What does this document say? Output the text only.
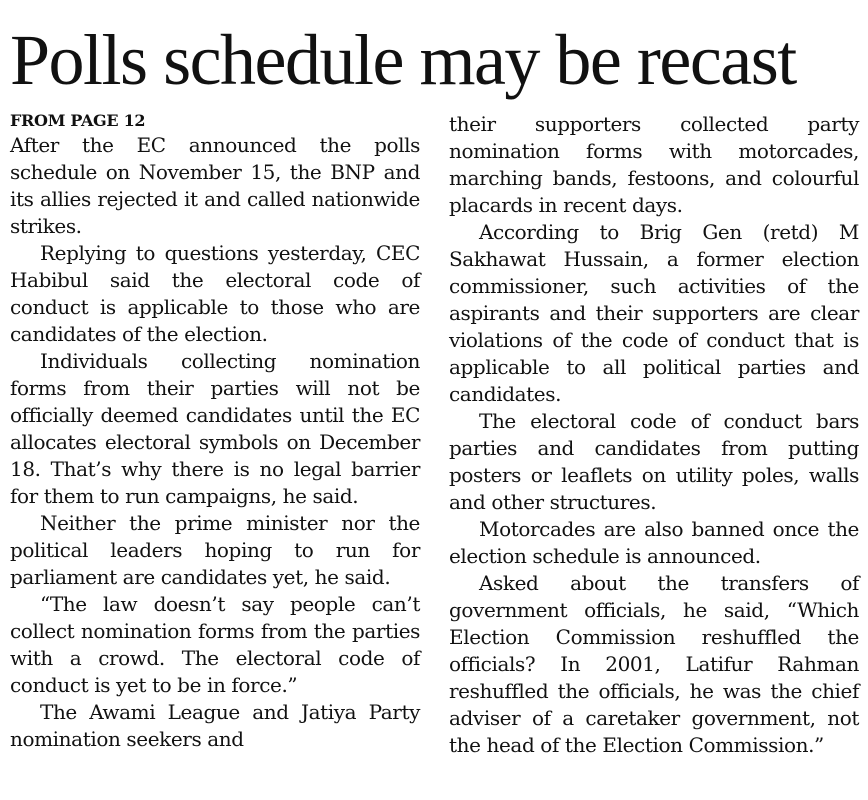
Polls schedule may be recast
FROM PAGE 12

After the EC announced the polls schedule on November 15, the BNP and its allies rejected it and called nationwide strikes.

Replying to questions yesterday, CEC Habibul said the electoral code of conduct is applicable to those who are candidates of the election.

Individuals collecting nomination forms from their parties will not be officially deemed candidates until the EC allocates electoral symbols on December 18. That’s why there is no legal barrier for them to run campaigns, he said.

Neither the prime minister nor the political leaders hoping to run for parliament are candidates yet, he said.

“The law doesn’t say people can’t collect nomination forms from the parties with a crowd. The electoral code of conduct is yet to be in force.”

The Awami League and Jatiya Party nomination seekers and

their supporters collected party nomination forms with motorcades, marching bands, festoons, and colourful placards in recent days.

According to Brig Gen (retd) M Sakhawat Hussain, a former election commissioner, such activities of the aspirants and their supporters are clear violations of the code of conduct that is applicable to all political parties and candidates.

The electoral code of conduct bars parties and candidates from putting posters or leaflets on utility poles, walls and other structures.

Motorcades are also banned once the election schedule is announced.

Asked about the transfers of government officials, he said, “Which Election Commission reshuffled the officials? In 2001, Latifur Rahman reshuffled the officials, he was the chief adviser of a caretaker government, not the head of the Election Commission.”
